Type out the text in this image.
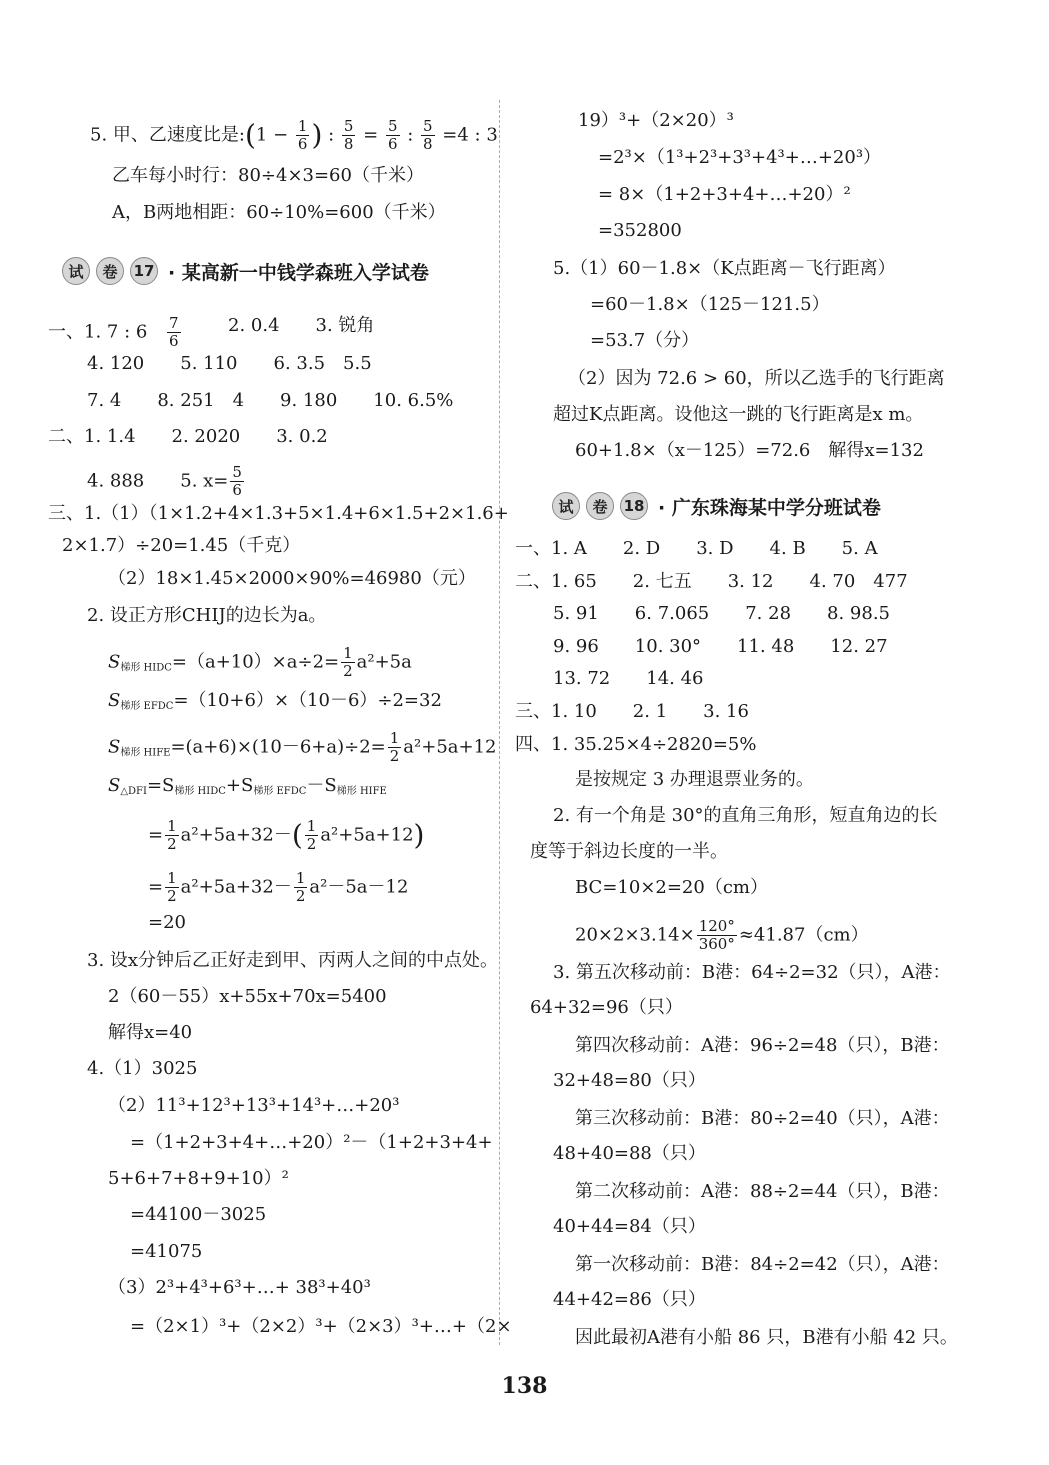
5. 甲、乙速度比是:(1 − $\frac{1}{6}$ ) : $\frac{5}{8} = \frac{5}{6}$ : $\frac{5}{8} =4$ : 3
乙车每小时行：80÷4×3=60（千米）
A，B两地相距：60÷10%=600（千米）
试	卷	17 · 某高新一中钱学森班入学试卷
一、1. 7 : $6 \frac{7}{6}$	2. 0.4　　3. 锐角
4. 120　　5. 110　　6. 3.5　5.5
7. 4　　8. 251　4　　9. 180　　10. 6.5%
二、1. 1.4　　2. 2020　　3. 0.2
4. 888　　5. $x= \frac{5}{6}$
三、1.（1）（1×1.2+4×1.3+5×1.4+6×1.5+2×1.6+
2×1.7）÷20=1.45（千克）
（2）18×1.45×2000×90%=46980（元）
2. 设正方形CHIJ的边长为a。
$S_{梯形 HIDC}=(a+10)\times a\div 2= \frac{1}{2} a^2+5a$
$S_{梯形 EFDC}=(10+6)\times(10-6)\div 2=32$
$S_{梯形 HIFE}=(a+6)\times(10-6+a)\div 2= \frac{1}{2} a^2+5a+12$
$S_{\triangle DFI}=S_{梯形 HIDC}+S_{梯形 EFDC}-S_{梯形 HIFE}$
= $\frac{1}{2} a^2+5a+32-( \frac{1}{2} a^2+5a+12)$
= $\frac{1}{2} a^2+5a+32- \frac{1}{2} a^2-5a-12$
=20
3. 设x分钟后乙正好走到甲、丙两人之间的中点处。
2（60－55）x+55x+70x=5400
解得x=40
4.（1）3025
（2）11³+12³+13³+14³+…+20³
=（1+2+3+4+…+20）²－（1+2+3+4+
5+6+7+8+9+10）²
=44100－3025
=41075
（3）2³+4³+6³+…+ 38³+40³
=（2×1）³+（2×2）³+（2×3）³+…+（2×
19）³+（2×20）³
=2³×（1³+2³+3³+4³+…+20³）
= 8×（1+2+3+4+…+20）²
=352800
5.（1）60－1.8×（K点距离－飞行距离）
=60－1.8×（125－121.5）
=53.7（分）
（2）因为 72.6 > 60，所以乙选手的飞行距离
超过K点距离。设他这一跳的飞行距离是x m。
60+1.8×（x－125）=72.6　解得x=132
试	卷	18 · 广东珠海某中学分班试卷
一、1. A　　2. D　　3. D　　4. B　　5. A
二、1. 65　　2. 七五　　3. 12　　4. 70　477
5. 91　　6. 7.065　　7. 28　　8. 98.5
9. 96　　10. 30°　　11. 48　　12. 27
13. 72　　14. 46
三、1. 10　　2. 1　　3. 16
四、1. 35.25×4÷2820=5%
是按规定 3 办理退票业务的。
2. 有一个角是 30°的直角三角形，短直角边的长
度等于斜边长度的一半。
BC=10×2=20（cm）
$20\times 2\times 3.14\times \frac{120^\circ}{360^\circ} \approx 41.87(cm)$
3. 第五次移动前：B港：64÷2=32（只），A港：
64+32=96（只）
第四次移动前：A港：96÷2=48（只），B港：
32+48=80（只）
第三次移动前：B港：80÷2=40（只），A港：
48+40=88（只）
第二次移动前：A港：88÷2=44（只），B港：
40+44=84（只）
第一次移动前：B港：84÷2=42（只），A港：
44+42=86（只）
因此最初A港有小船 86 只，B港有小船 42 只。
138
